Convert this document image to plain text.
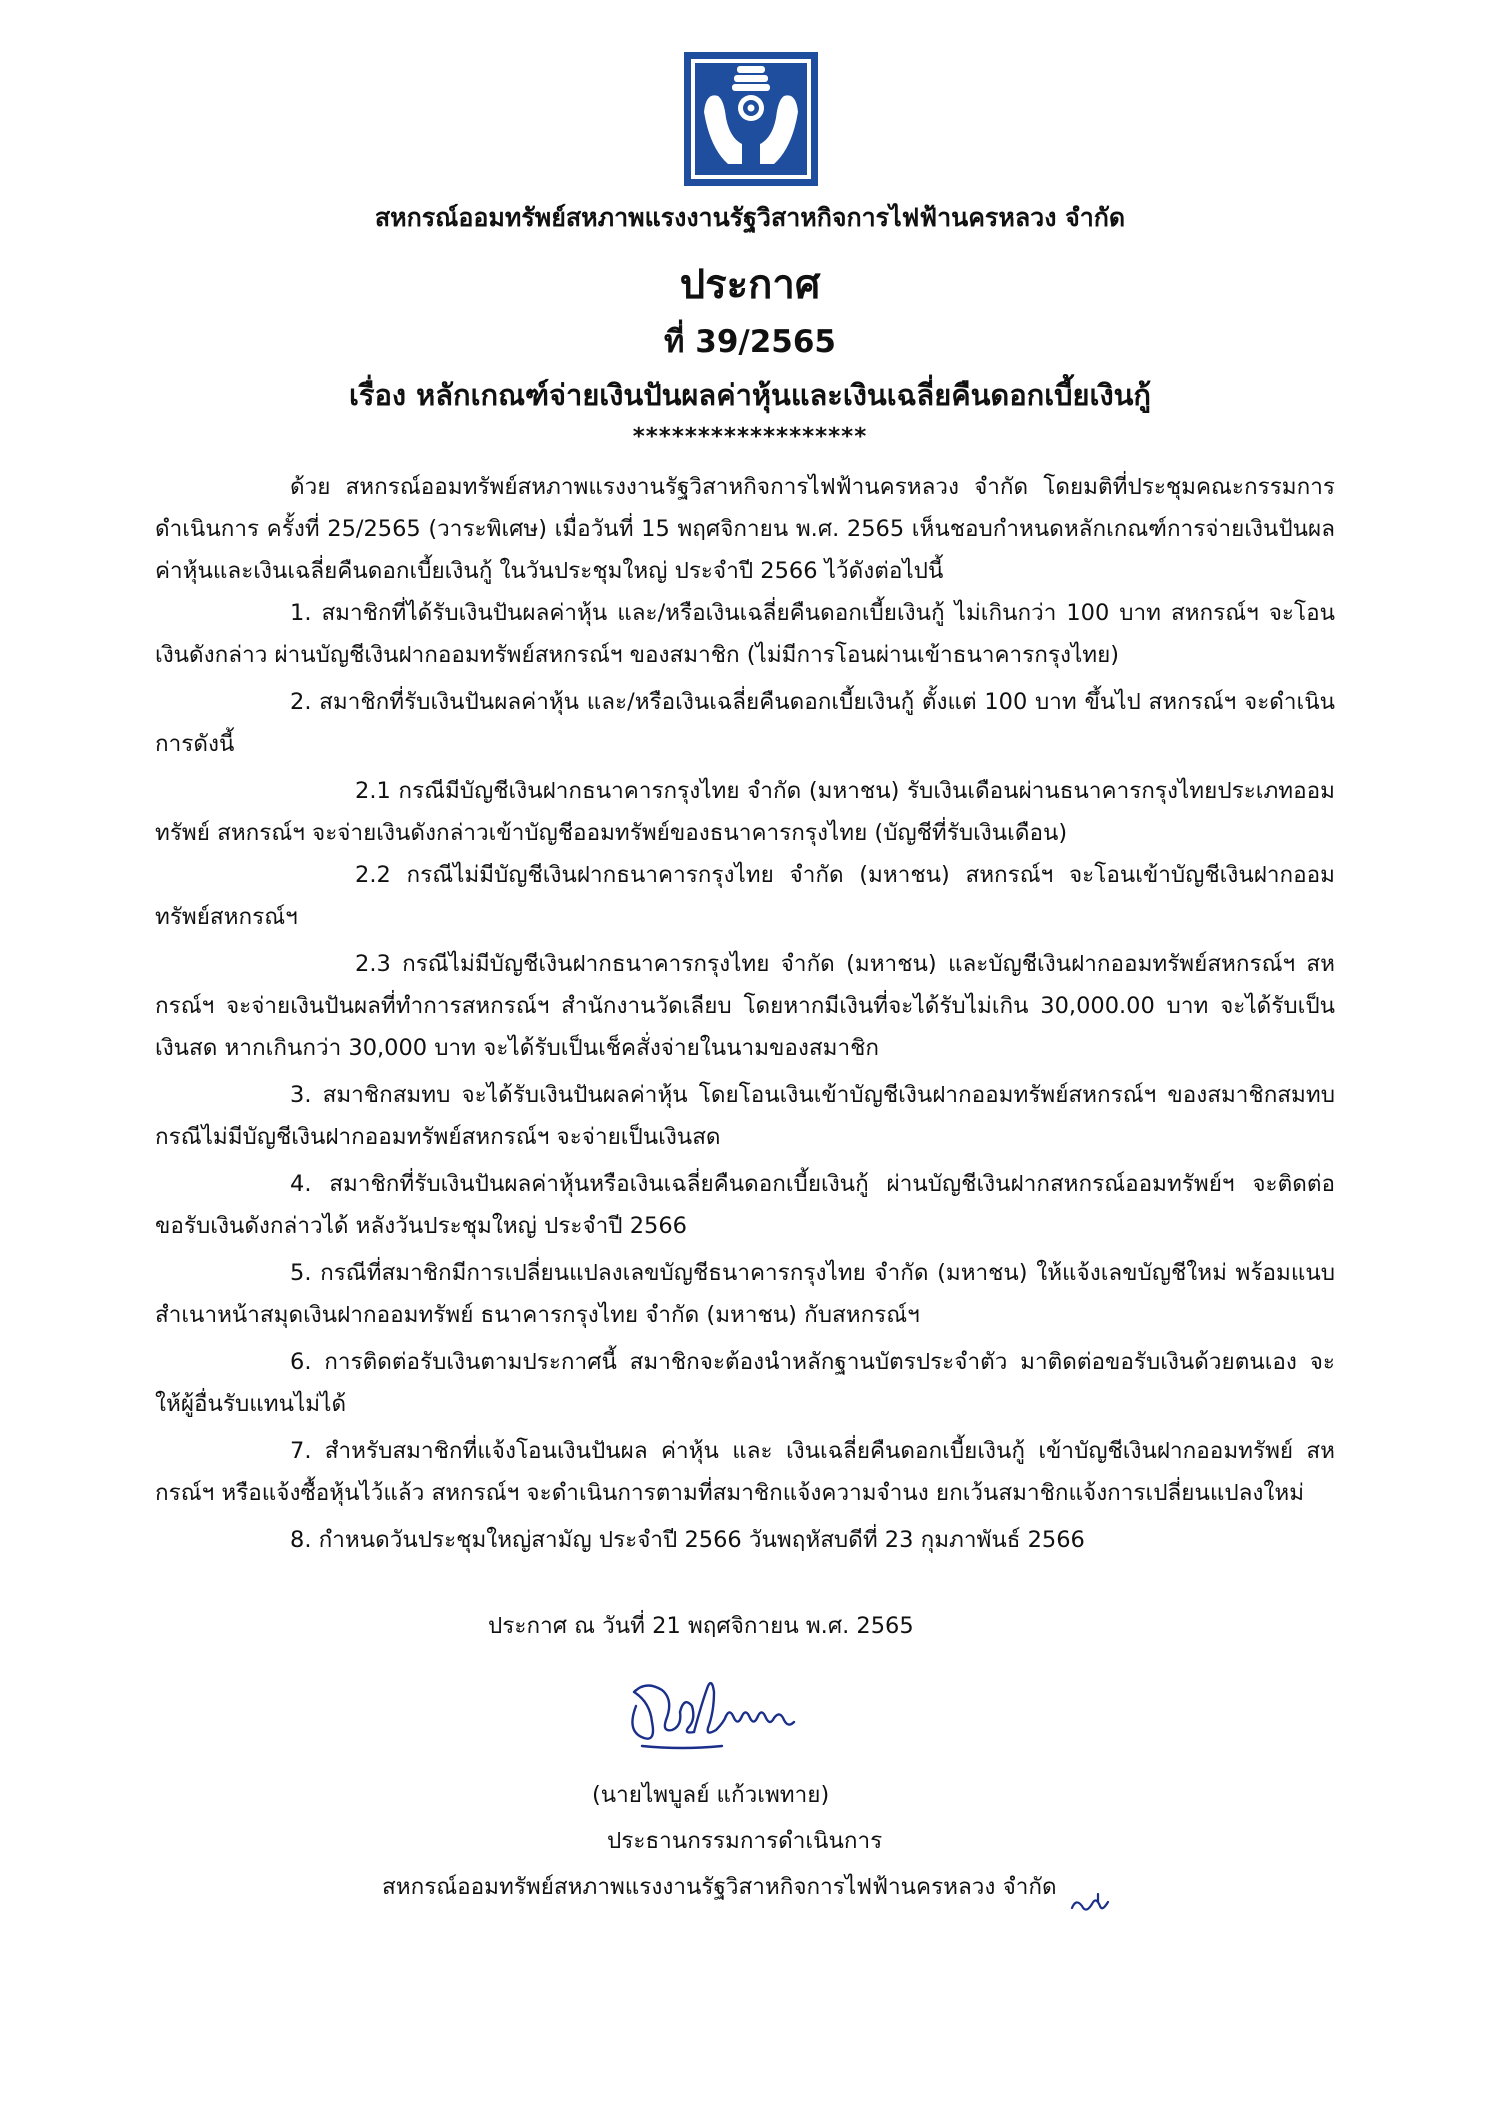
สหกรณ์ออมทรัพย์สหภาพแรงงานรัฐวิสาหกิจการไฟฟ้านครหลวง จำกัด
ประกาศ
ที่ 39/2565
เรื่อง หลักเกณฑ์จ่ายเงินปันผลค่าหุ้นและเงินเฉลี่ยคืนดอกเบี้ยเงินกู้
******************

ด้วย สหกรณ์ออมทรัพย์สหภาพแรงงานรัฐวิสาหกิจการไฟฟ้านครหลวง จำกัด โดยมติที่ประชุมคณะกรรมการดำเนินการ ครั้งที่ 25/2565 (วาระพิเศษ) เมื่อวันที่ 15 พฤศจิกายน พ.ศ. 2565 เห็นชอบกำหนดหลักเกณฑ์การจ่ายเงินปันผลค่าหุ้นและเงินเฉลี่ยคืนดอกเบี้ยเงินกู้ ในวันประชุมใหญ่ ประจำปี 2566 ไว้ดังต่อไปนี้

1. สมาชิกที่ได้รับเงินปันผลค่าหุ้น และ/หรือเงินเฉลี่ยคืนดอกเบี้ยเงินกู้ ไม่เกินกว่า 100 บาท สหกรณ์ฯ จะโอนเงินดังกล่าว ผ่านบัญชีเงินฝากออมทรัพย์สหกรณ์ฯ ของสมาชิก (ไม่มีการโอนผ่านเข้าธนาคารกรุงไทย)

2. สมาชิกที่รับเงินปันผลค่าหุ้น และ/หรือเงินเฉลี่ยคืนดอกเบี้ยเงินกู้ ตั้งแต่ 100 บาท ขึ้นไป สหกรณ์ฯ จะดำเนินการดังนี้

2.1 กรณีมีบัญชีเงินฝากธนาคารกรุงไทย จำกัด (มหาชน) รับเงินเดือนผ่านธนาคารกรุงไทยประเภทออมทรัพย์ สหกรณ์ฯ จะจ่ายเงินดังกล่าวเข้าบัญชีออมทรัพย์ของธนาคารกรุงไทย (บัญชีที่รับเงินเดือน)

2.2 กรณีไม่มีบัญชีเงินฝากธนาคารกรุงไทย จำกัด (มหาชน) สหกรณ์ฯ จะโอนเข้าบัญชีเงินฝากออมทรัพย์สหกรณ์ฯ

2.3 กรณีไม่มีบัญชีเงินฝากธนาคารกรุงไทย จำกัด (มหาชน) และบัญชีเงินฝากออมทรัพย์สหกรณ์ฯ สหกรณ์ฯ จะจ่ายเงินปันผลที่ทำการสหกรณ์ฯ สำนักงานวัดเลียบ โดยหากมีเงินที่จะได้รับไม่เกิน 30,000.00 บาท จะได้รับเป็นเงินสด หากเกินกว่า 30,000 บาท จะได้รับเป็นเช็คสั่งจ่ายในนามของสมาชิก

3. สมาชิกสมทบ จะได้รับเงินปันผลค่าหุ้น โดยโอนเงินเข้าบัญชีเงินฝากออมทรัพย์สหกรณ์ฯ ของสมาชิกสมทบ กรณีไม่มีบัญชีเงินฝากออมทรัพย์สหกรณ์ฯ จะจ่ายเป็นเงินสด

4. สมาชิกที่รับเงินปันผลค่าหุ้นหรือเงินเฉลี่ยคืนดอกเบี้ยเงินกู้ ผ่านบัญชีเงินฝากสหกรณ์ออมทรัพย์ฯ จะติดต่อขอรับเงินดังกล่าวได้ หลังวันประชุมใหญ่ ประจำปี 2566

5. กรณีที่สมาชิกมีการเปลี่ยนแปลงเลขบัญชีธนาคารกรุงไทย จำกัด (มหาชน) ให้แจ้งเลขบัญชีใหม่ พร้อมแนบสำเนาหน้าสมุดเงินฝากออมทรัพย์ ธนาคารกรุงไทย จำกัด (มหาชน) กับสหกรณ์ฯ

6. การติดต่อรับเงินตามประกาศนี้ สมาชิกจะต้องนำหลักฐานบัตรประจำตัว มาติดต่อขอรับเงินด้วยตนเอง จะให้ผู้อื่นรับแทนไม่ได้

7. สำหรับสมาชิกที่แจ้งโอนเงินปันผล ค่าหุ้น และ เงินเฉลี่ยคืนดอกเบี้ยเงินกู้ เข้าบัญชีเงินฝากออมทรัพย์ สหกรณ์ฯ หรือแจ้งซื้อหุ้นไว้แล้ว สหกรณ์ฯ จะดำเนินการตามที่สมาชิกแจ้งความจำนง ยกเว้นสมาชิกแจ้งการเปลี่ยนแปลงใหม่

8. กำหนดวันประชุมใหญ่สามัญ ประจำปี 2566 วันพฤหัสบดีที่ 23 กุมภาพันธ์ 2566

ประกาศ ณ วันที่ 21 พฤศจิกายน พ.ศ. 2565
(นายไพบูลย์ แก้วเพทาย)
ประธานกรรมการดำเนินการ
สหกรณ์ออมทรัพย์สหภาพแรงงานรัฐวิสาหกิจการไฟฟ้านครหลวง จำกัด
